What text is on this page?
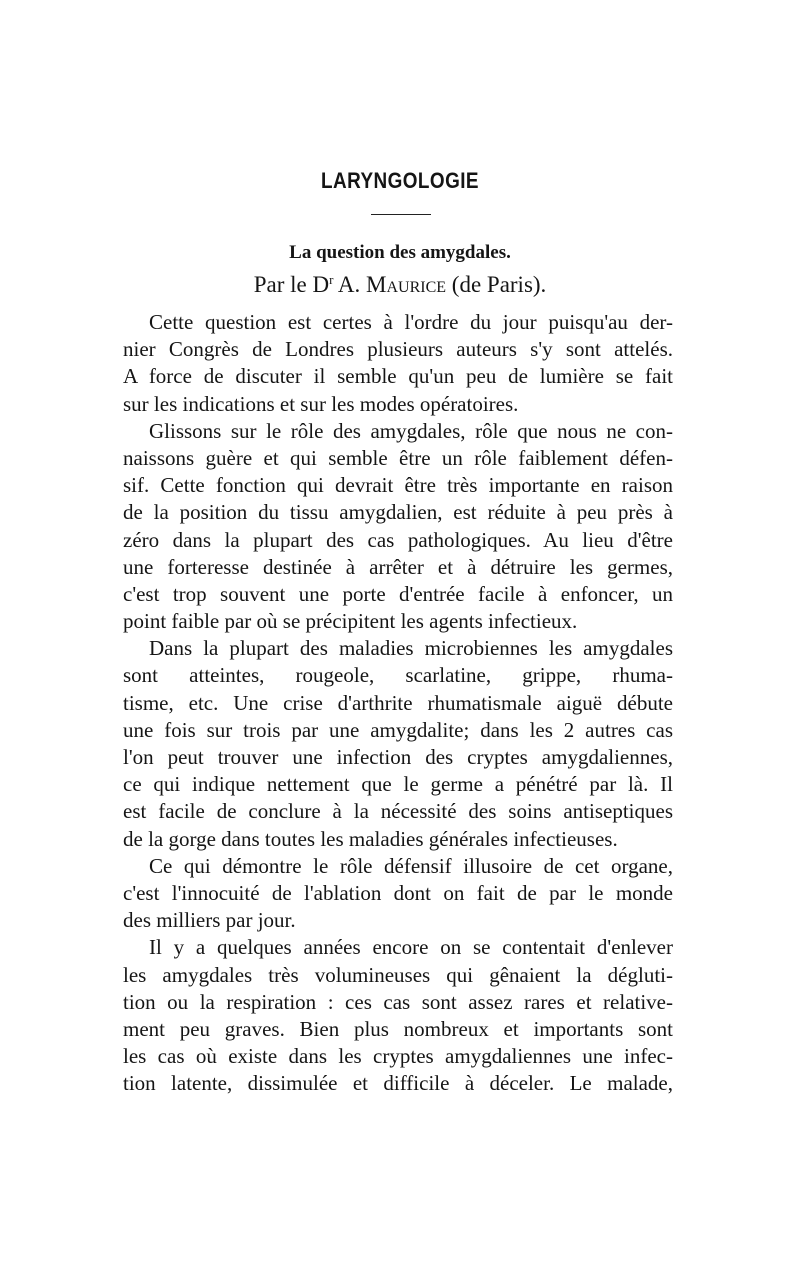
LARYNGOLOGIE
La question des amygdales.
Par le $D^r$ A. Maurice (de Paris).
Cette question est certes à l'ordre du jour puisqu'au der-
nier Congrès de Londres plusieurs auteurs s'y sont attelés.
A force de discuter il semble qu'un peu de lumière se fait
sur les indications et sur les modes opératoires.
Glissons sur le rôle des amygdales, rôle que nous ne con-
naissons guère et qui semble être un rôle faiblement défen-
sif. Cette fonction qui devrait être très importante en raison
de la position du tissu amygdalien, est réduite à peu près à
zéro dans la plupart des cas pathologiques. Au lieu d'être
une forteresse destinée à arrêter et à détruire les germes,
c'est trop souvent une porte d'entrée facile à enfoncer, un
point faible par où se précipitent les agents infectieux.
Dans la plupart des maladies microbiennes les amygdales
sont atteintes, rougeole, scarlatine, grippe, rhuma-
tisme, etc. Une crise d'arthrite rhumatismale aiguë débute
une fois sur trois par une amygdalite; dans les 2 autres cas
l'on peut trouver une infection des cryptes amygdaliennes,
ce qui indique nettement que le germe a pénétré par là. Il
est facile de conclure à la nécessité des soins antiseptiques
de la gorge dans toutes les maladies générales infectieuses.
Ce qui démontre le rôle défensif illusoire de cet organe,
c'est l'innocuité de l'ablation dont on fait de par le monde
des milliers par jour.
Il y a quelques années encore on se contentait d'enlever
les amygdales très volumineuses qui gênaient la dégluti-
tion ou la respiration : ces cas sont assez rares et relative-
ment peu graves. Bien plus nombreux et importants sont
les cas où existe dans les cryptes amygdaliennes une infec-
tion latente, dissimulée et difficile à déceler. Le malade,
